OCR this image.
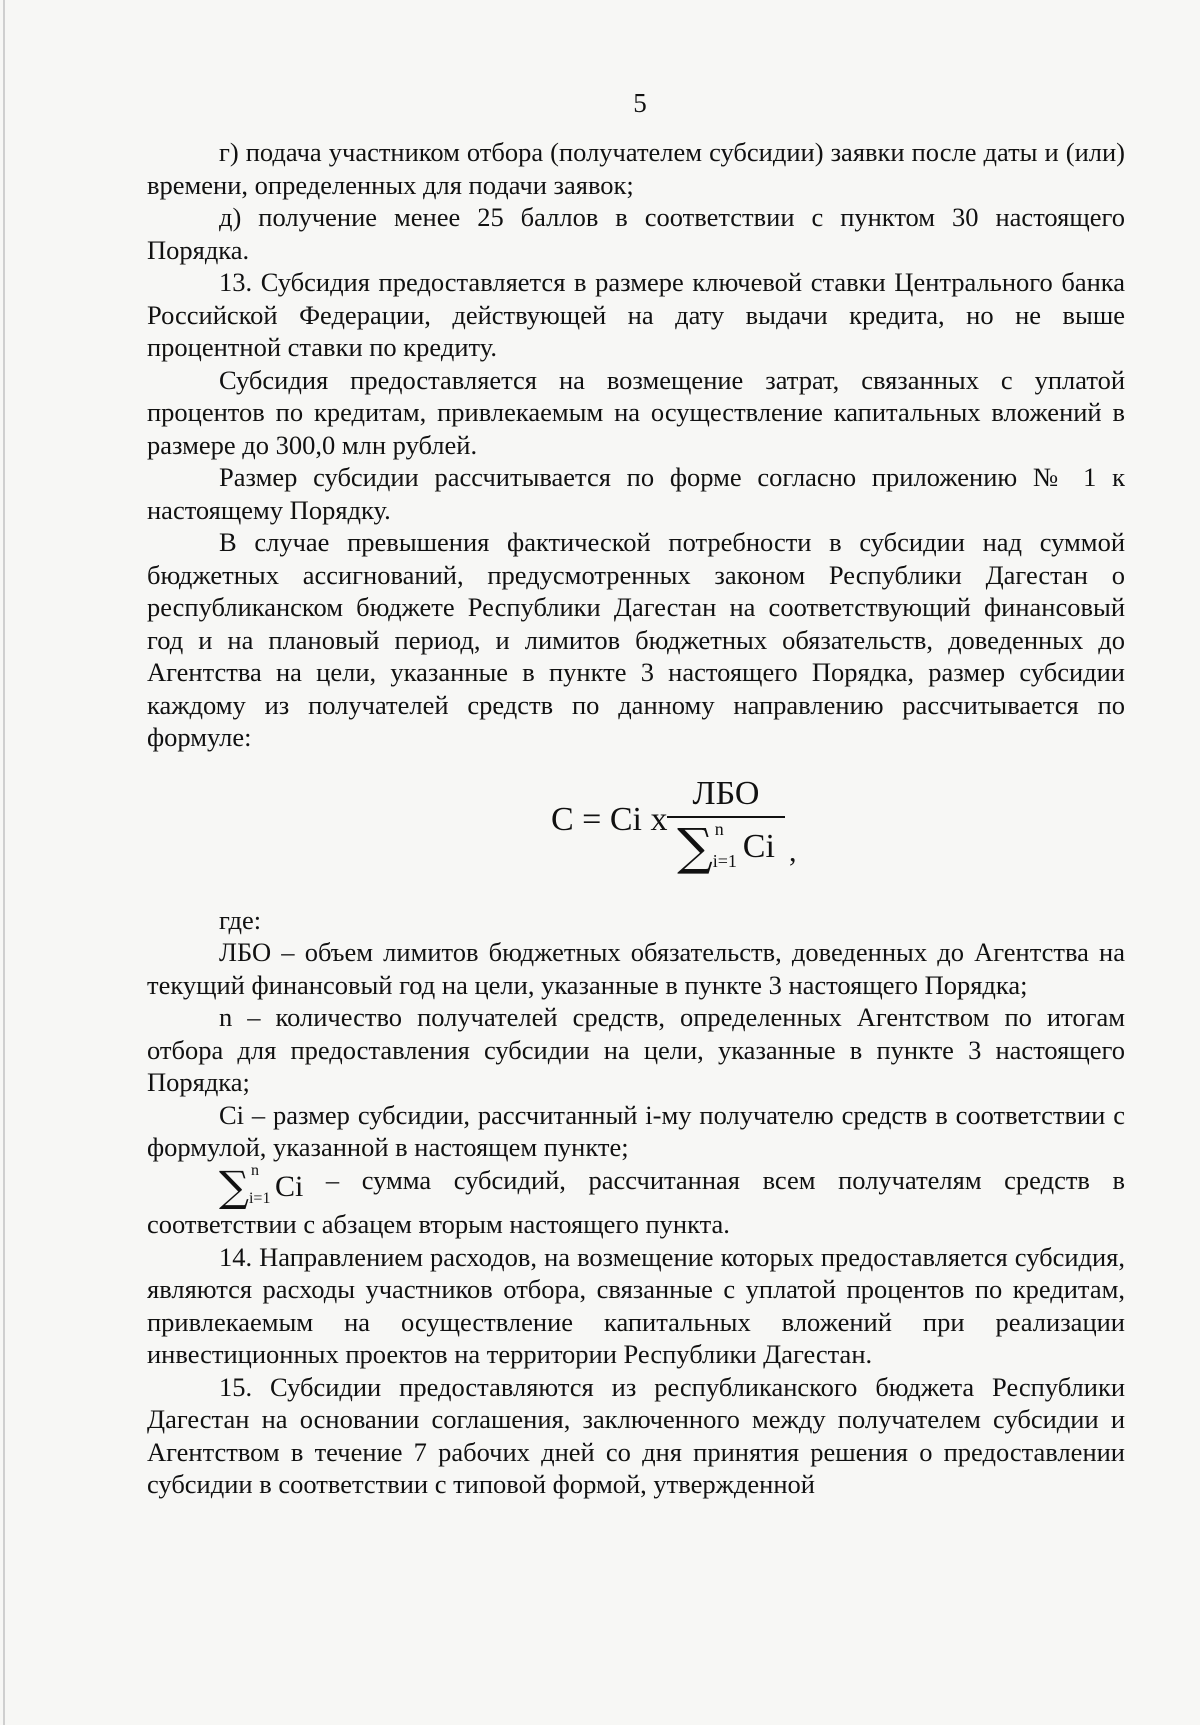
5

г) подача участником отбора (получателем субсидии) заявки после даты и (или) времени, определенных для подачи заявок;

д) получение менее 25 баллов в соответствии с пунктом 30 настоящего Порядка.

13. Субсидия предоставляется в размере ключевой ставки Центрального банка Российской Федерации, действующей на дату выдачи кредита, но не выше процентной ставки по кредиту.

Субсидия предоставляется на возмещение затрат, связанных с уплатой процентов по кредитам, привлекаемым на осуществление капитальных вложений в размере до 300,0 млн рублей.

Размер субсидии рассчитывается по форме согласно приложению № 1 к настоящему Порядку.

В случае превышения фактической потребности в субсидии над суммой бюджетных ассигнований, предусмотренных законом Республики Дагестан о республиканском бюджете Республики Дагестан на соответствующий финансовый год и на плановый период, и лимитов бюджетных обязательств, доведенных до Агентства на цели, указанные в пункте 3 настоящего Порядка, размер субсидии каждому из получателей средств по данному направлению рассчитывается по формуле:

C = Ci x
ЛБО
∑ n
i=1 Ci ,

где:

ЛБО – объем лимитов бюджетных обязательств, доведенных до Агентства на текущий финансовый год на цели, указанные в пункте 3 настоящего Порядка;

n – количество получателей средств, определенных Агентством по итогам отбора для предоставления субсидии на цели, указанные в пункте 3 настоящего Порядка;

Ci – размер субсидии, рассчитанный i-му получателю средств в соответствии с формулой, указанной в настоящем пункте;

∑ n
i=1 Ci – сумма субсидий, рассчитанная всем получателям средств в соответствии с абзацем вторым настоящего пункта.

14. Направлением расходов, на возмещение которых предоставляется субсидия, являются расходы участников отбора, связанные с уплатой процентов по кредитам, привлекаемым на осуществление капитальных вложений при реализации инвестиционных проектов на территории Республики Дагестан.

15. Субсидии предоставляются из республиканского бюджета Республики Дагестан на основании соглашения, заключенного между получателем субсидии и Агентством в течение 7 рабочих дней со дня принятия решения о предоставлении субсидии в соответствии с типовой формой, утвержденной
